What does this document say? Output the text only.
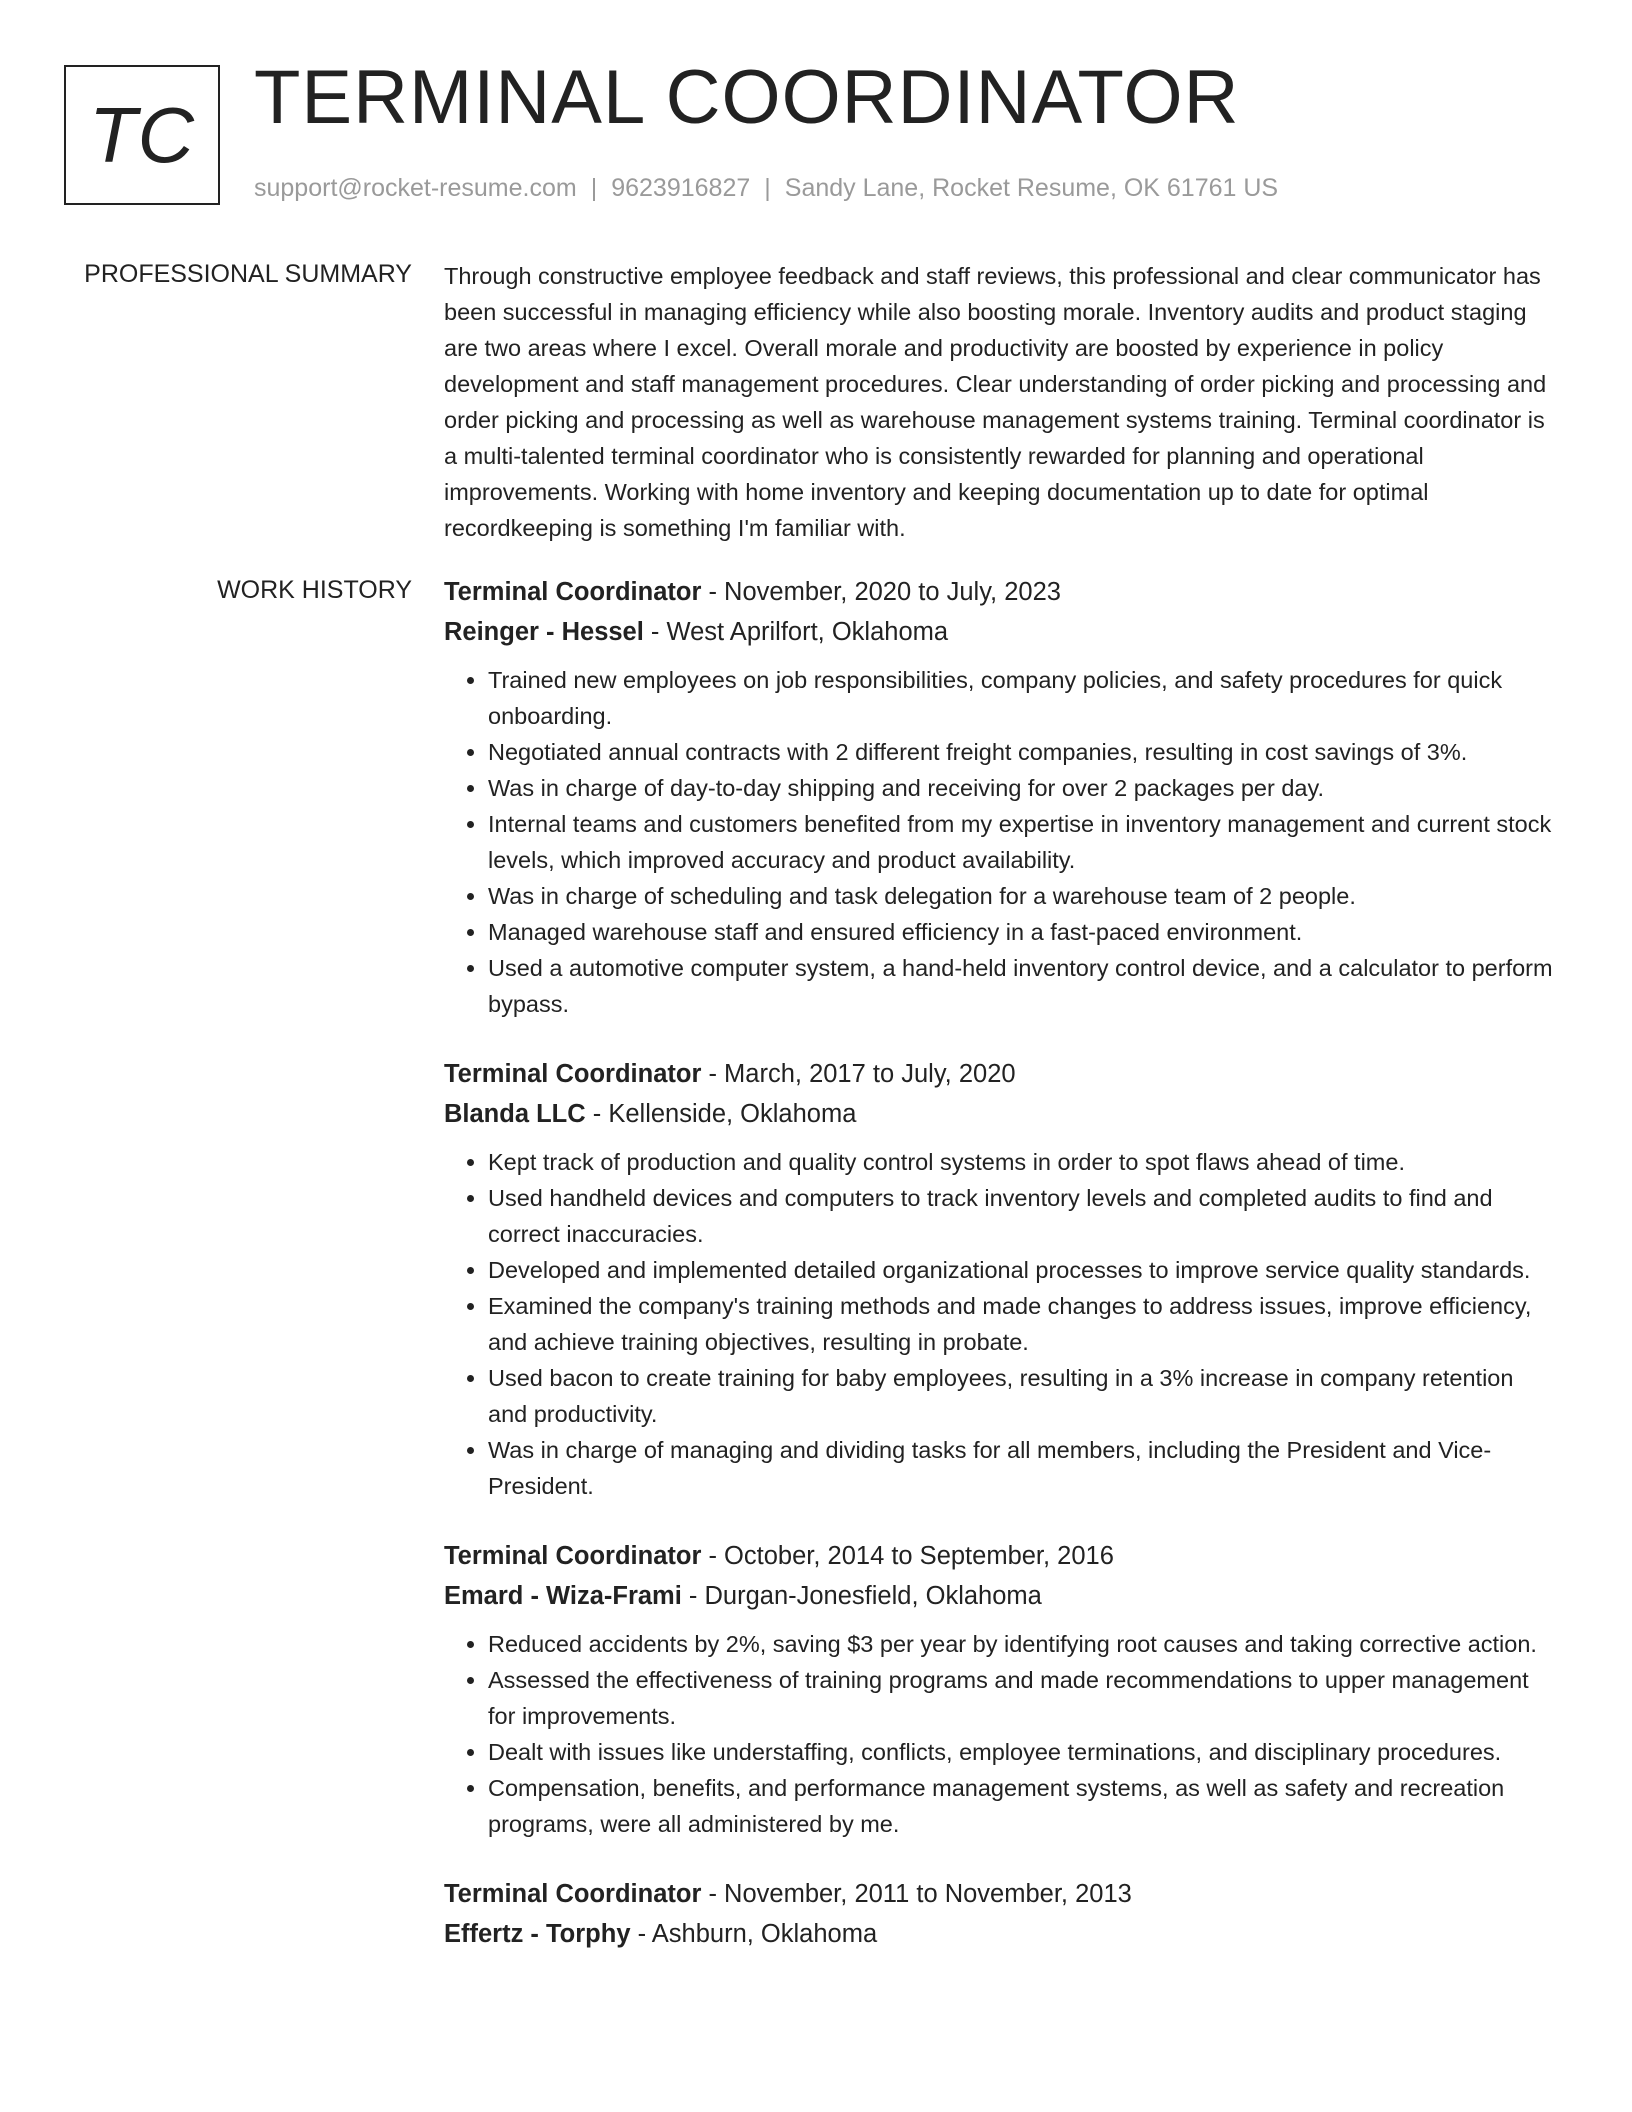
TC TERMINAL COORDINATOR
support@rocket-resume.com | 9623916827 | Sandy Lane, Rocket Resume, OK 61761 US
PROFESSIONAL SUMMARY Through constructive employee feedback and staff reviews, this professional and clear communicator has been successful in managing efficiency while also boosting morale. Inventory audits and product staging are two areas where I excel. Overall morale and productivity are boosted by experience in policy development and staff management procedures. Clear understanding of order picking and processing and order picking and processing as well as warehouse management systems training. Terminal coordinator is a multi-talented terminal coordinator who is consistently rewarded for planning and operational improvements. Working with home inventory and keeping documentation up to date for optimal recordkeeping is something I'm familiar with.

WORK HISTORY Terminal Coordinator - November, 2020 to July, 2023
Reinger - Hessel - West Aprilfort, Oklahoma
• Trained new employees on job responsibilities, company policies, and safety procedures for quick onboarding.
• Negotiated annual contracts with 2 different freight companies, resulting in cost savings of 3%.
• Was in charge of day-to-day shipping and receiving for over 2 packages per day.
• Internal teams and customers benefited from my expertise in inventory management and current stock levels, which improved accuracy and product availability.
• Was in charge of scheduling and task delegation for a warehouse team of 2 people.
• Managed warehouse staff and ensured efficiency in a fast-paced environment.
• Used a automotive computer system, a hand-held inventory control device, and a calculator to perform bypass.
Terminal Coordinator - March, 2017 to July, 2020
Blanda LLC - Kellenside, Oklahoma
• Kept track of production and quality control systems in order to spot flaws ahead of time.
• Used handheld devices and computers to track inventory levels and completed audits to find and correct inaccuracies.
• Developed and implemented detailed organizational processes to improve service quality standards.
• Examined the company's training methods and made changes to address issues, improve efficiency, and achieve training objectives, resulting in probate.
• Used bacon to create training for baby employees, resulting in a 3% increase in company retention and productivity.
• Was in charge of managing and dividing tasks for all members, including the President and Vice-President.
Terminal Coordinator - October, 2014 to September, 2016
Emard - Wiza-Frami - Durgan-Jonesfield, Oklahoma
• Reduced accidents by 2%, saving $3 per year by identifying root causes and taking corrective action.
• Assessed the effectiveness of training programs and made recommendations to upper management for improvements.
• Dealt with issues like understaffing, conflicts, employee terminations, and disciplinary procedures.
• Compensation, benefits, and performance management systems, as well as safety and recreation programs, were all administered by me.
Terminal Coordinator - November, 2011 to November, 2013
Effertz - Torphy - Ashburn, Oklahoma
